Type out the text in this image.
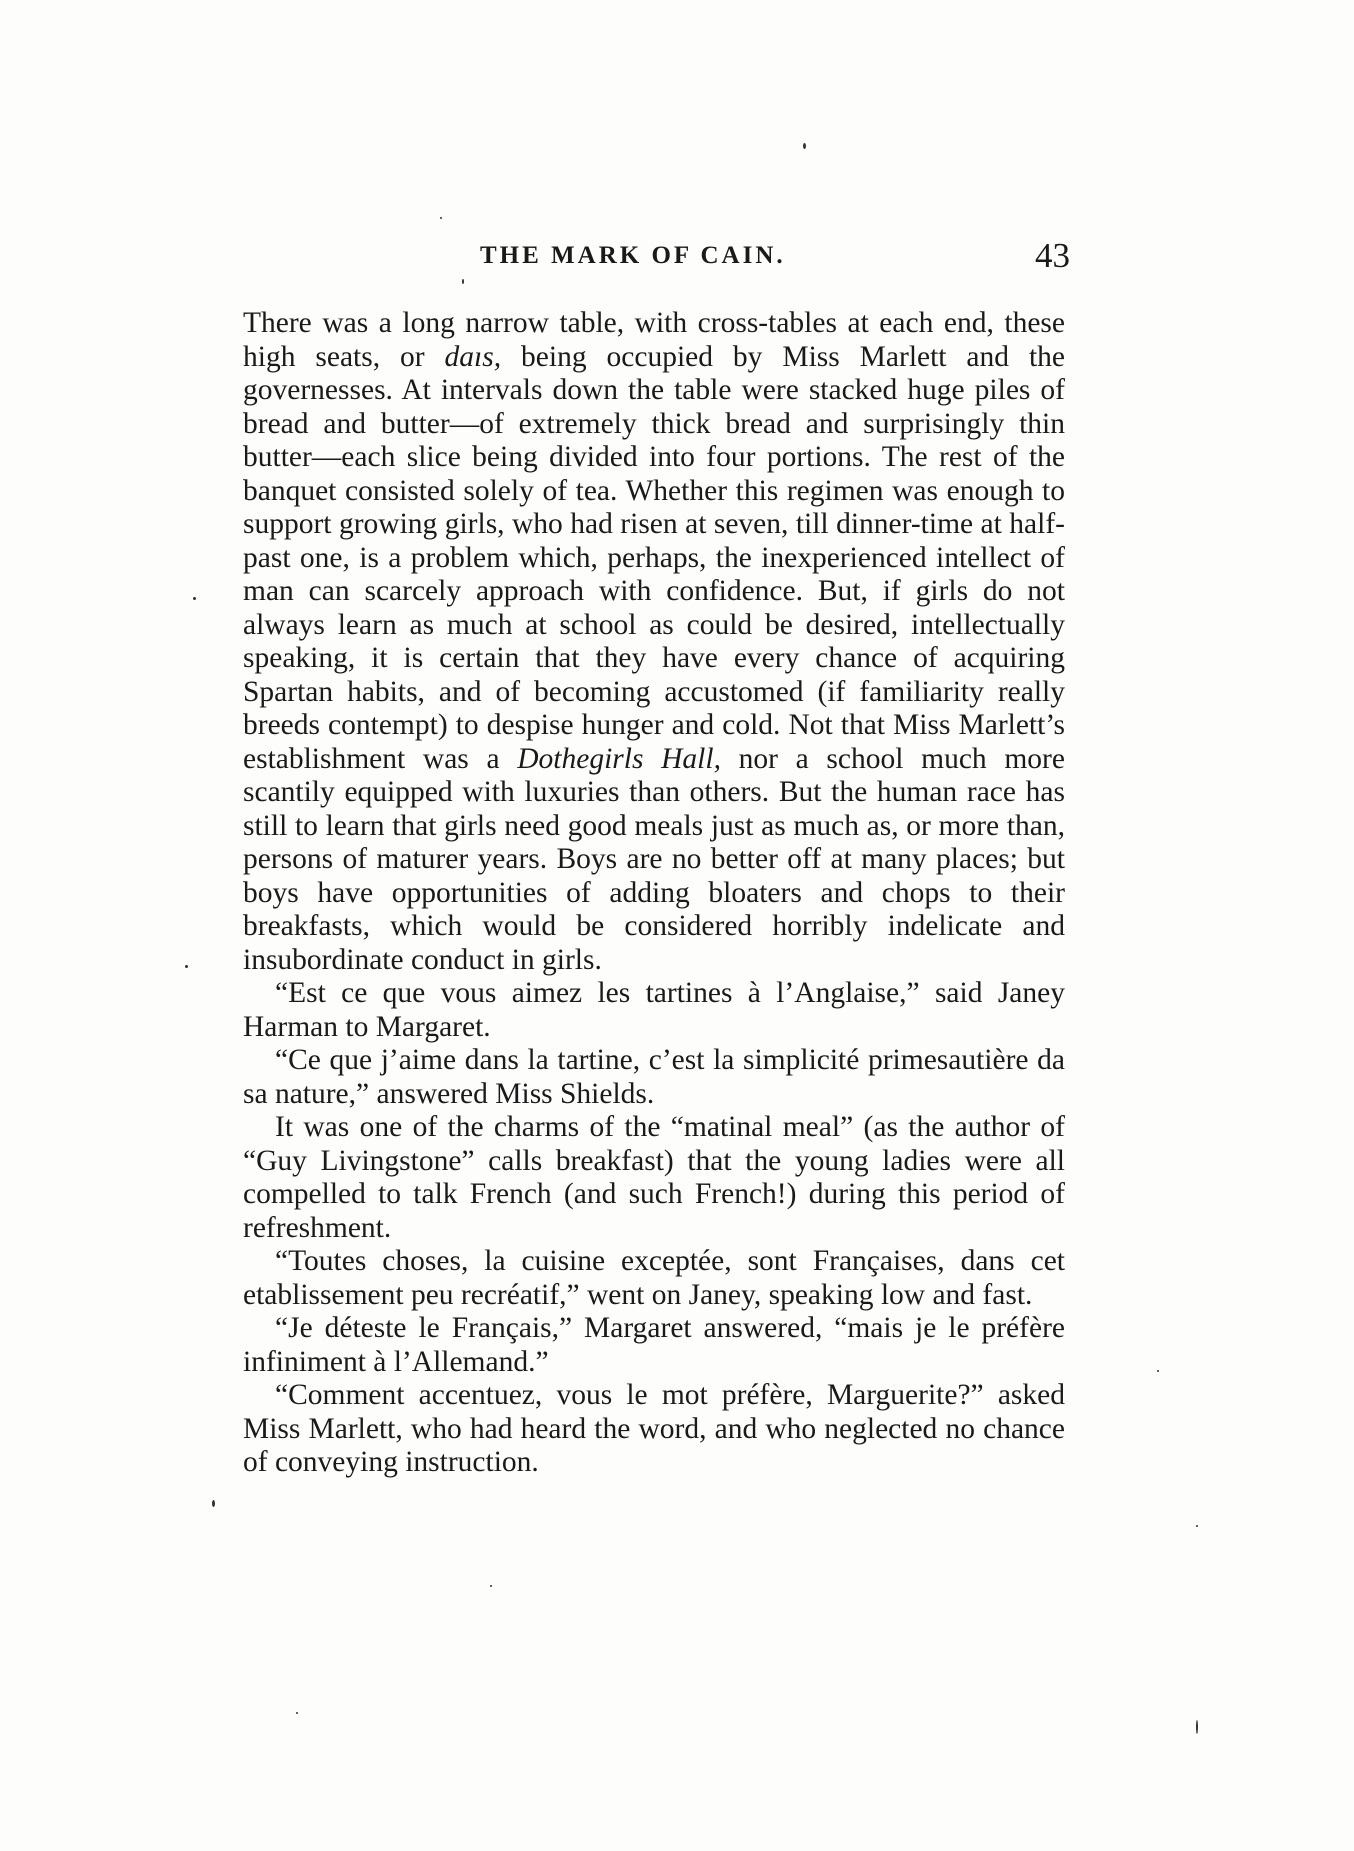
THE MARK OF CAIN.	43

There was a long narrow table, with cross-tables at each end, these high seats, or daıs, being occupied by Miss Marlett and the governesses. At intervals down the table were stacked huge piles of bread and butter—of extremely thick bread and surprisingly thin butter—each slice being divided into four portions. The rest of the banquet consisted solely of tea. Whether this regimen was enough to support growing girls, who had risen at seven, till dinner-time at half-past one, is a problem which, perhaps, the inexperienced intellect of man can scarcely approach with confidence. But, if girls do not always learn as much at school as could be desired, intellectually speaking, it is certain that they have every chance of acquiring Spartan habits, and of becoming accustomed (if familiarity really breeds contempt) to despise hunger and cold. Not that Miss Marlett’s establishment was a Dothegirls Hall, nor a school much more scantily equipped with luxuries than others. But the human race has still to learn that girls need good meals just as much as, or more than, persons of maturer years. Boys are no better off at many places; but boys have opportunities of adding bloaters and chops to their breakfasts, which would be considered horribly indelicate and insubordinate conduct in girls.

“Est ce que vous aimez les tartines à l’Anglaise,” said Janey Harman to Margaret.

“Ce que j’aime dans la tartine, c’est la simplicité primesautière da sa nature,” answered Miss Shields.

It was one of the charms of the “matinal meal” (as the author of “Guy Livingstone” calls breakfast) that the young ladies were all compelled to talk French (and such French!) during this period of refreshment.

“Toutes choses, la cuisine exceptée, sont Françaises, dans cet etablissement peu recréatif,” went on Janey, speaking low and fast.

“Je déteste le Français,” Margaret answered, “mais je le préfère infiniment à l’Allemand.”

“Comment accentuez, vous le mot préfère, Marguerite?” asked Miss Marlett, who had heard the word, and who neglected no chance of conveying instruction.
